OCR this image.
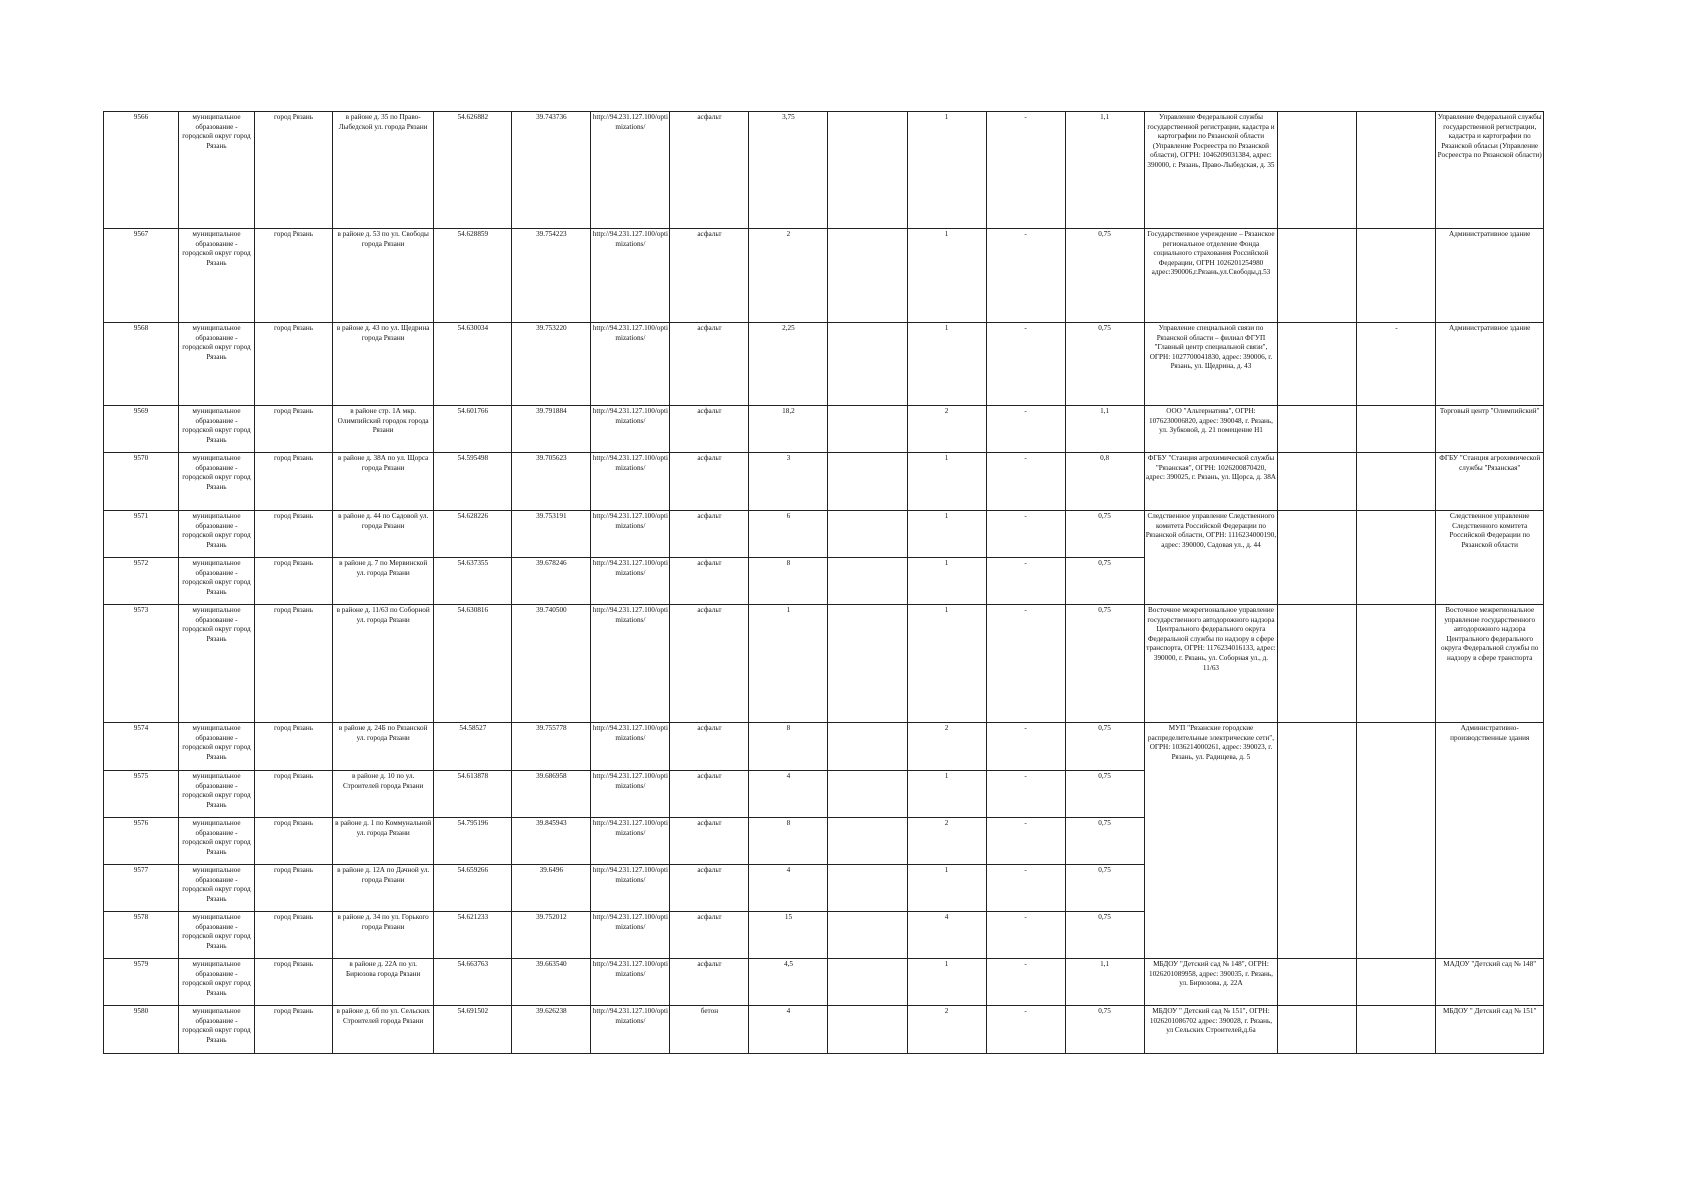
9566	муниципальное образование - городской округ город Рязань	город Рязань	в районе д. 35 по Право-Лыбедской ул. города Рязани	54.626882	39.743736	http://94.231.127.100/optimizations/	асфальт	3,75		1	-	1,1	Управление Федеральной службы государственной регистрации, кадастра и картографии по Рязанской области (Управление Росреестра по Рязанской области), ОГРН: 1046209031384, адрес: 390000, г. Рязань, Право-Лыбедская, д. 35			Управление Федеральной службы государственной регистрации, кадастра и картографии по Рязанской обласьи (Управление Росреестра по Рязанской области)
9567	муниципальное образование - городской округ город Рязань	город Рязань	в районе д. 53 по ул. Свободы города Рязани	54.628859	39.754223	http://94.231.127.100/optimizations/	асфальт	2		1	-	0,75	Государственное учреждение – Рязанское региональное отделение Фонда социального страхования Российской Федерации, ОГРН 1026201254980 адрес:390006,г.Рязань,ул.Свободы,д.53			Административное здание
9568	муниципальное образование - городской округ город Рязань	город Рязань	в районе д. 43 по ул. Щедрина города Рязани	54.630034	39.753220	http://94.231.127.100/optimizations/	асфальт	2,25		1	-	0,75	Управление специальной связи по Рязанской области – филиал ФГУП "Главный центр специальной связи", ОГРН: 1027700041830, адрес: 390006, г. Рязань, ул. Щедрина, д. 43		-	Административное здание
9569	муниципальное образование - городской округ город Рязань	город Рязань	в районе стр. 1А мкр. Олимпийский городок города Рязани	54.601766	39.791884	http://94.231.127.100/optimizations/	асфальт	18,2		2	-	1,1	ООО "Альтернатива", ОГРН: 1076230006820, адрес: 390048, г. Рязань, ул. Зубковой, д. 21 помещение Н1			Торговый центр "Олимпийский"
9570	муниципальное образование - городской округ город Рязань	город Рязань	в районе д. 38А по ул. Щорса города Рязани	54.595498	39.705623	http://94.231.127.100/optimizations/	асфальт	3		1	-	0,8	ФГБУ "Станция агрохимической службы "Рязанская", ОГРН: 1026200870420, адрес: 390025, г. Рязань, ул. Щорса, д. 38А			ФГБУ "Станция агрохимической службы "Рязанская"
9571	муниципальное образование - городской округ город Рязань	город Рязань	в районе д. 44 по Садовой ул. города Рязани	54.628226	39.753191	http://94.231.127.100/optimizations/	асфальт	6		1	-	0,75	Следственное управление Следственного комитета Российской Федерации по Рязанской области, ОГРН: 1116234000190, адрес: 390000, Садовая ул., д. 44			Следственное управление Следственного комитета Российской Федерации по Рязанской области
9572	муниципальное образование - городской округ город Рязань	город Рязань	в районе д. 7 по Мервинской ул. города Рязани	54.637355	39.678246	http://94.231.127.100/optimizations/	асфальт	8		1	-	0,75				
9573	муниципальное образование - городской округ город Рязань	город Рязань	в районе д. 11/63 по Соборной ул. города Рязани	54.630816	39.740500	http://94.231.127.100/optimizations/	асфальт	1		1	-	0,75	Восточное межрегиональное управление государственного автодорожного надзора Центрального федерального округа Федеральной службы по надзору в сфере транспорта, ОГРН: 1176234016133, адрес: 390000, г. Рязань, ул. Соборная ул., д. 11/63			Восточное межрегиональное управление государственного автодорожного надзора Центрального федерального округа Федеральной службы по надзору в сфере транспорта
9574	муниципальное образование - городской округ город Рязань	город Рязань	в районе д. 24Б по Рязанской ул. города Рязани	54.58527	39.755778	http://94.231.127.100/optimizations/	асфальт	8		2	-	0,75	МУП "Рязанские городские распределительные электрические сети", ОГРН: 1036214000261, адрес: 390023, г. Рязань, ул. Радищева, д. 5			Административно-производственные здания
9575	муниципальное образование - городской округ город Рязань	город Рязань	в районе д. 10 по ул. Строителей города Рязани	54.613878	39.686958	http://94.231.127.100/optimizations/	асфальт	4		1	-	0,75				
9576	муниципальное образование - городской округ город Рязань	город Рязань	в районе д. 1 по Коммунальной ул. города Рязани	54.795196	39.845943	http://94.231.127.100/optimizations/	асфальт	8		2	-	0,75				
9577	муниципальное образование - городской округ город Рязань	город Рязань	в районе д. 12А по Дачной ул. города Рязани	54.659266	39.6496	http://94.231.127.100/optimizations/	асфальт	4		1	-	0,75				
9578	муниципальное образование - городской округ город Рязань	город Рязань	в районе д. 34 по ул. Горького города Рязани	54.621233	39.752012	http://94.231.127.100/optimizations/	асфальт	15		4	-	0,75				
9579	муниципальное образование - городской округ город Рязань	город Рязань	в районе д. 22А по ул. Бирюзова города Рязани	54.663763	39.663540	http://94.231.127.100/optimizations/	асфальт	4,5		1	-	1,1	МБДОУ "Детский сад № 148", ОГРН: 1026201089958, адрес: 390035, г. Рязань, ул. Бирюзова, д. 22А			МАДОУ "Детский сад № 148"
9580	муниципальное образование - городской округ город Рязань	город Рязань	в районе д. 6б по ул. Сельских Строителей города Рязани	54.691502	39.626238	http://94.231.127.100/optimizations/	бетон	4		2	-	0,75	МБДОУ " Детский сад № 151", ОГРН: 1026201086702 адрес: 390028, г. Рязань, ул Сельских Строителей,д.6а			МБДОУ " Детский сад № 151"
